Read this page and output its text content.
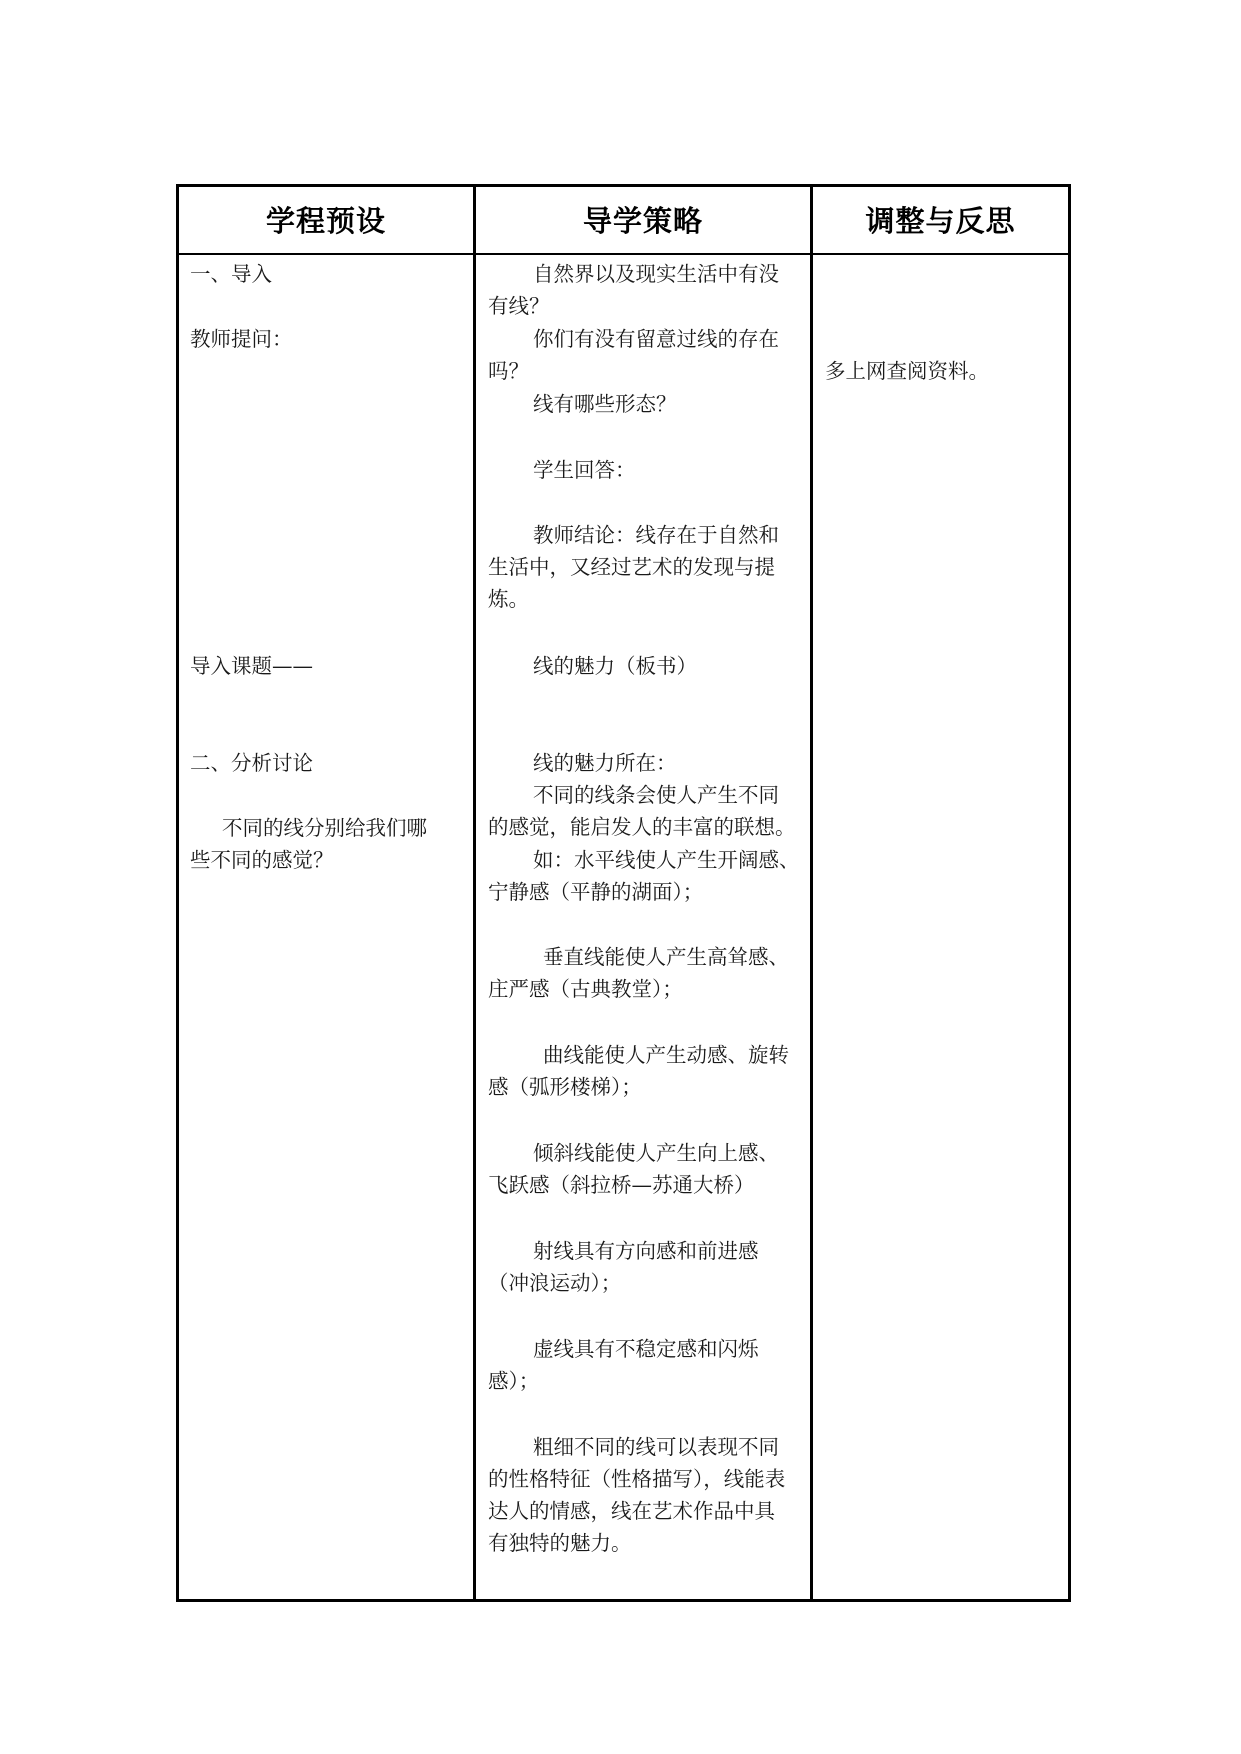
学程预设	导学策略	调整与反思
一、导入
教师提问：
导入课题——
二、分析讨论
不同的线分别给我们哪
些不同的感觉？
自然界以及现实生活中有没
有线？
你们有没有留意过线的存在
吗？
线有哪些形态？
学生回答：
教师结论：线存在于自然和
生活中，又经过艺术的发现与提
炼。
线的魅力（板书）
线的魅力所在：
不同的线条会使人产生不同
的感觉，能启发人的丰富的联想。
如：水平线使人产生开阔感、
宁静感（平静的湖面）；
垂直线能使人产生高耸感、
庄严感（古典教堂）；
曲线能使人产生动感、旋转
感（弧形楼梯）；
倾斜线能使人产生向上感、
飞跃感（斜拉桥—苏通大桥）
射线具有方向感和前进感
（冲浪运动）；
虚线具有不稳定感和闪烁
感）；
粗细不同的线可以表现不同
的性格特征（性格描写），线能表
达人的情感，线在艺术作品中具
有独特的魅力。
多上网查阅资料。
